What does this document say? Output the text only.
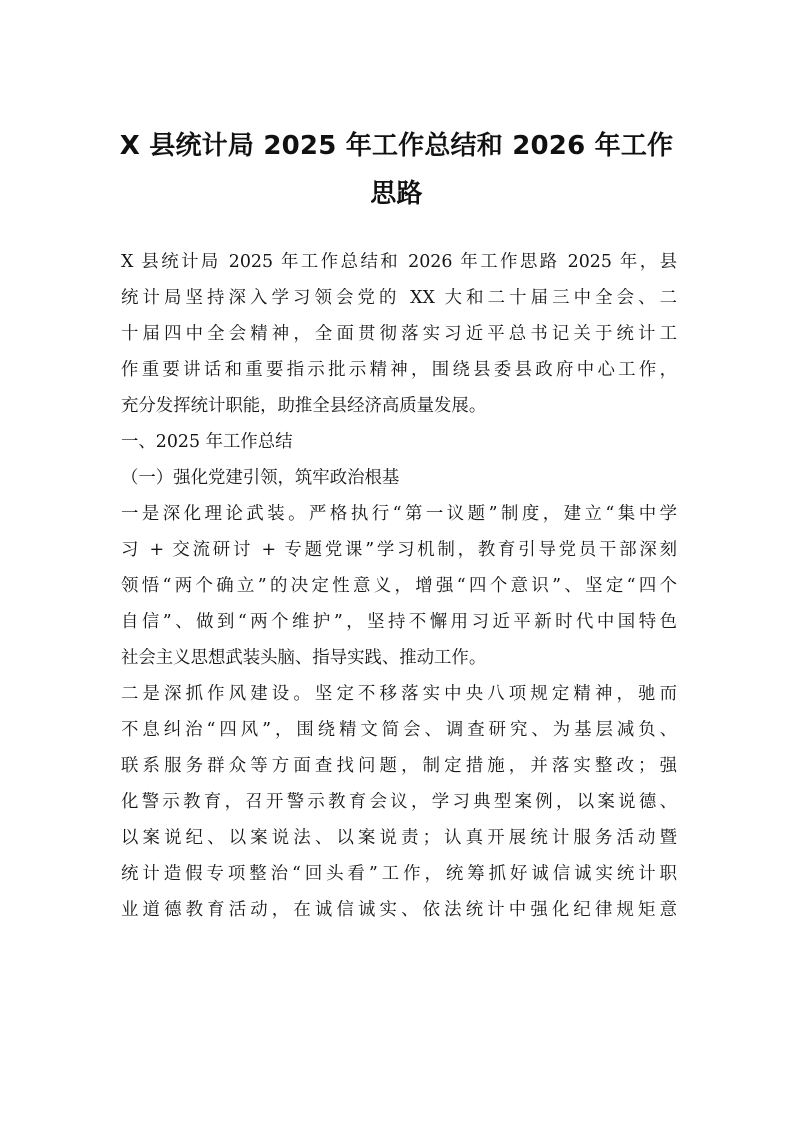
X 县统计局 2025 年工作总结和 2026 年工作
思路
X 县统计局 2025 年工作总结和 2026 年工作思路 2025 年，县
统计局坚持深入学习领会党的 XX 大和二十届三中全会、二
十届四中全会精神，全面贯彻落实习近平总书记关于统计工
作重要讲话和重要指示批示精神，围绕县委县政府中心工作，
充分发挥统计职能，助推全县经济高质量发展。
一、2025 年工作总结
（一）强化党建引领，筑牢政治根基
一是深化理论武装。严格执行“第一议题”制度，建立“集中学
习 + 交流研讨 + 专题党课”学习机制，教育引导党员干部深刻
领悟“两个确立”的决定性意义，增强“四个意识”、坚定“四个
自信”、做到“两个维护”，坚持不懈用习近平新时代中国特色
社会主义思想武装头脑、指导实践、推动工作。
二是深抓作风建设。坚定不移落实中央八项规定精神，驰而
不息纠治“四风”，围绕精文简会、调查研究、为基层减负、
联系服务群众等方面查找问题，制定措施，并落实整改；强
化警示教育，召开警示教育会议，学习典型案例，以案说德、
以案说纪、以案说法、以案说责；认真开展统计服务活动暨
统计造假专项整治“回头看”工作，统筹抓好诚信诚实统计职
业道德教育活动，在诚信诚实、依法统计中强化纪律规矩意
